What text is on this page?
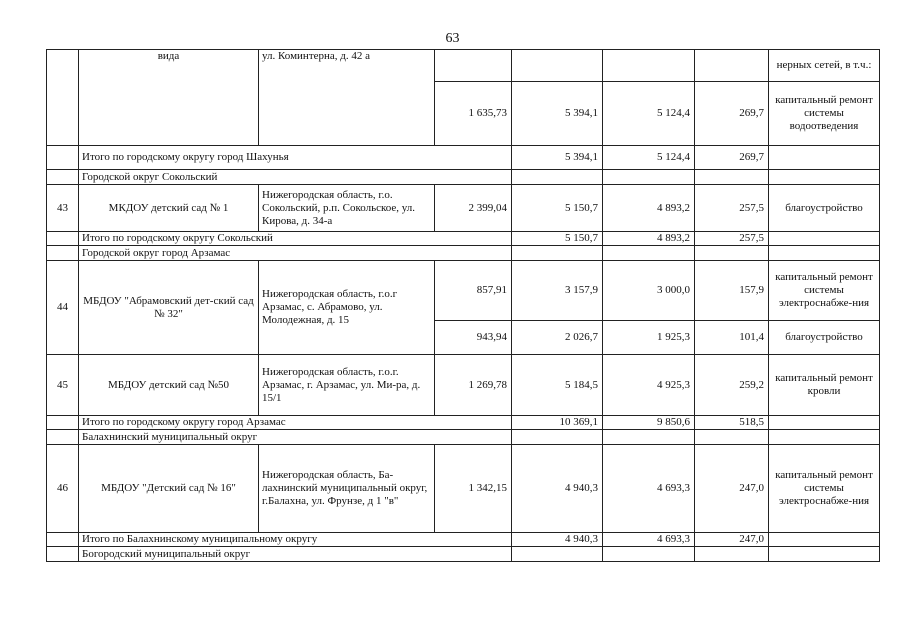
63
	вида	ул. Коминтерна, д. 42 а					нерных сетей, в т.ч.:
			1 635,73	5 394,1	5 124,4	269,7	капитальный ремонт системы водоотведения
	Итого по городскому округу город Шахунья			5 394,1	5 124,4	269,7	
	Городской округ Сокольский						
43	МКДОУ детский сад № 1	Нижегородская область, г.о. Сокольский, р.п. Сокольское, ул. Кирова, д. 34-а	2 399,04	5 150,7	4 893,2	257,5	благоустройство
	Итого по городскому округу Сокольский			5 150,7	4 893,2	257,5	
	Городской округ город Арзамас						
44	МБДОУ "Абрамовский дет-ский сад № 32"	Нижегородская область, г.о.г Арзамас, с. Абрамово, ул. Молодежная, д. 15	857,91	3 157,9	3 000,0	157,9	капитальный ремонт системы электроснабже-ния
			943,94	2 026,7	1 925,3	101,4	благоустройство
45	МБДОУ детский сад №50	Нижегородская область, г.о.г. Арзамас, г. Арзамас, ул. Ми-ра, д. 15/1	1 269,78	5 184,5	4 925,3	259,2	капитальный ремонт кровли
	Итого по городскому округу город Арзамас			10 369,1	9 850,6	518,5	
	Балахнинский муниципальный округ						
46	МБДОУ "Детский сад № 16"	Нижегородская область, Ба-лахнинский муниципальный округ, г.Балахна, ул. Фрунзе, д 1 "в"	1 342,15	4 940,3	4 693,3	247,0	капитальный ремонт системы электроснабже-ния
	Итого по Балахнинскому муниципальному округу			4 940,3	4 693,3	247,0	
	Богородский муниципальный округ						
